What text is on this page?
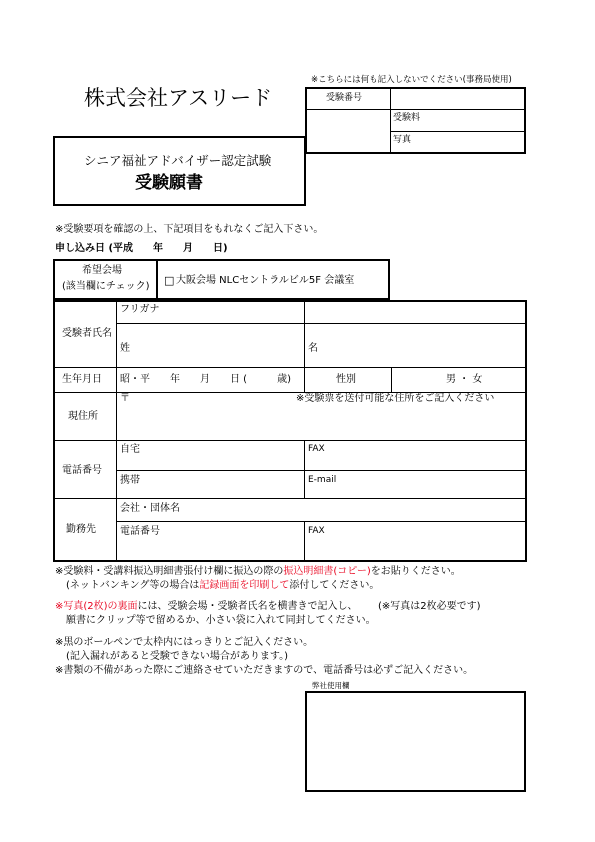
株式会社アスリード
※こちらには何も記入しないでください(事務局使用)
受験番号
受験料
写真
シニア福祉アドバイザー認定試験
受験願書
※受験要項を確認の上、下記項目をもれなくご記入下さい。
申し込み日 (平成　　年　　月　　日)
希望会場
(該当欄にチェック) □ 大阪会場 NLCセントラルビル5F 会議室
受験者氏名
フリガナ
姓	名
生年月日 昭・平　　年　　月　　日 (　　　歳)	性別	男 ・ 女
現住所
〒	※受験票を送付可能な住所をご記入ください
電話番号
自宅	FAX
携帯	E-mail
勤務先
会社・団体名
電話番号	FAX
※受験料・受講料振込明細書張付け欄に振込の際の振込明細書(コピー)をお貼りください。
(ネットバンキング等の場合は記録画面を印刷して添付してください。
※写真(2枚)の裏面には、受験会場・受験者氏名を横書きで記入し、 (※写真は2枚必要です)
願書にクリップ等で留めるか、小さい袋に入れて同封してください。
※黒のボールペンで太枠内にはっきりとご記入ください。
(記入漏れがあると受験できない場合があります。)
※書類の不備があった際にご連絡させていただきますので、電話番号は必ずご記入ください。
弊社使用欄
